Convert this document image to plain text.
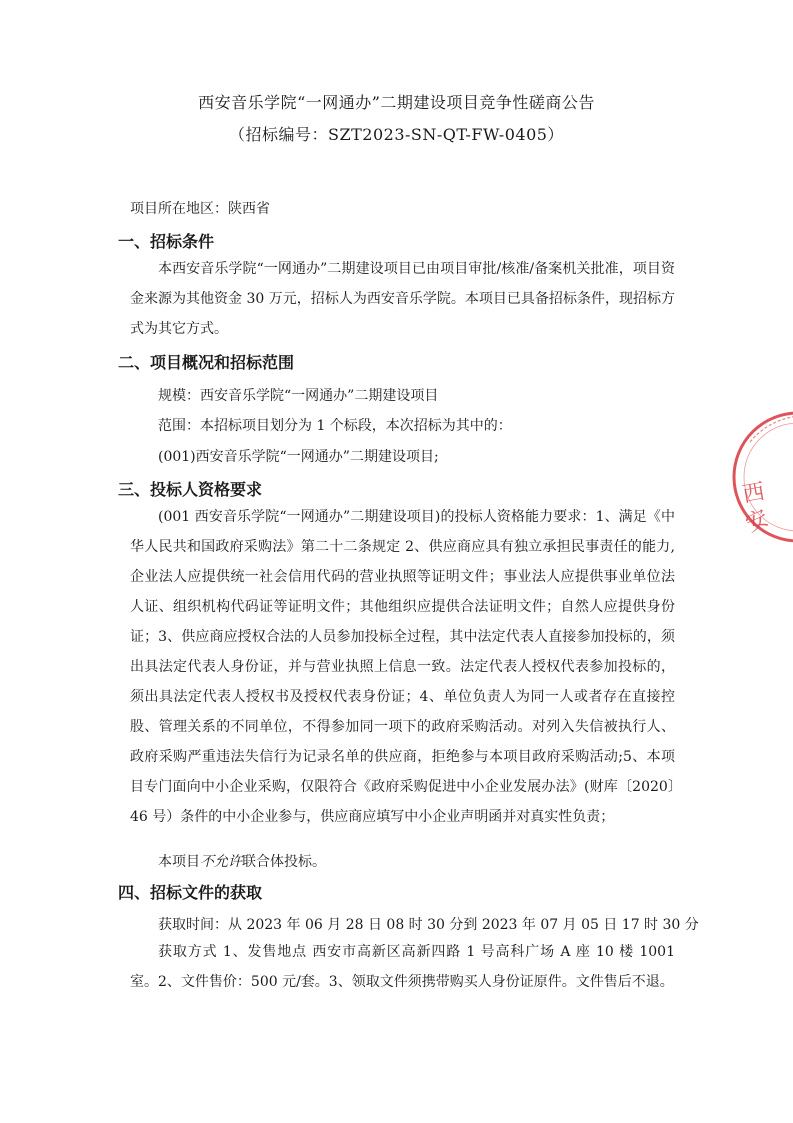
西安音乐学院“一网通办”二期建设项目竞争性磋商公告
（招标编号：SZT2023-SN-QT-FW-0405）
项目所在地区：陕西省
一、招标条件
本西安音乐学院“一网通办”二期建设项目已由项目审批/核准/备案机关批准，项目资金来源为其他资金 30 万元，招标人为西安音乐学院。本项目已具备招标条件，现招标方式为其它方式。
二、项目概况和招标范围
规模：西安音乐学院“一网通办”二期建设项目
范围：本招标项目划分为 1 个标段，本次招标为其中的：
(001)西安音乐学院“一网通办”二期建设项目;
三、投标人资格要求
(001 西安音乐学院“一网通办”二期建设项目)的投标人资格能力要求：1、满足《中华人民共和国政府采购法》第二十二条规定 2、供应商应具有独立承担民事责任的能力,企业法人应提供统一社会信用代码的营业执照等证明文件；事业法人应提供事业单位法人证、组织机构代码证等证明文件；其他组织应提供合法证明文件；自然人应提供身份证；3、供应商应授权合法的人员参加投标全过程，其中法定代表人直接参加投标的，须出具法定代表人身份证，并与营业执照上信息一致。法定代表人授权代表参加投标的，须出具法定代表人授权书及授权代表身份证；4、单位负责人为同一人或者存在直接控股、管理关系的不同单位，不得参加同一项下的政府采购活动。对列入失信被执行人、政府采购严重违法失信行为记录名单的供应商，拒绝参与本项目政府采购活动;5、本项目专门面向中小企业采购，仅限符合《政府采购促进中小企业发展办法》(财库〔2020〕46 号）条件的中小企业参与，供应商应填写中小企业声明函并对真实性负责；
本项目不允许联合体投标。
四、招标文件的获取
获取时间：从 2023 年 06 月 28 日 08 时 30 分到 2023 年 07 月 05 日 17 时 30 分
获取方式 1、发售地点 西安市高新区高新四路 1 号高科广场 A 座 10 楼 1001 室。2、文件售价：500 元/套。3、领取文件须携带购买人身份证原件。文件售后不退。
西
安
